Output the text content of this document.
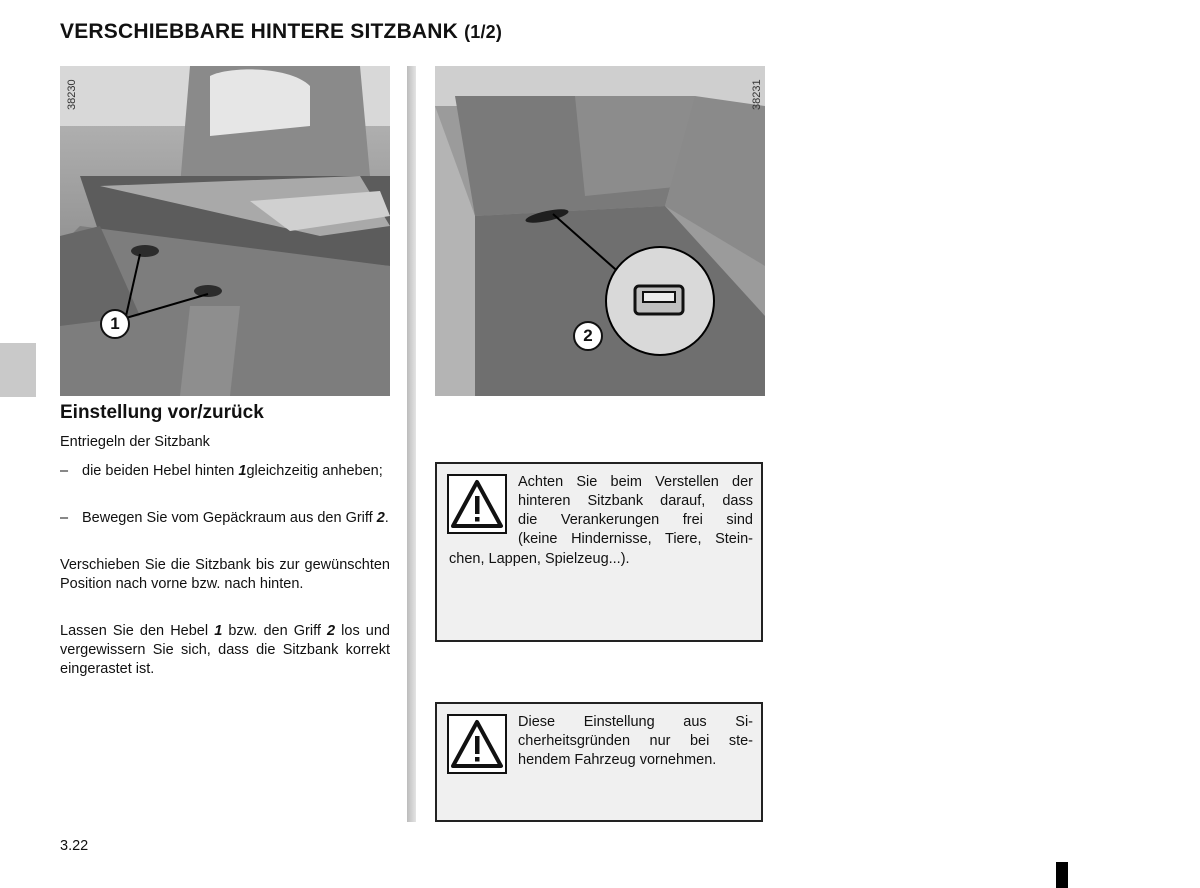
VERSCHIEBBARE HINTERE SITZBANK (1/2)
1
38230
2
38231
Einstellung vor/zurück
Entriegeln der Sitzbank
– die beiden Hebel hinten 1gleichzeitig anheben;
– Bewegen Sie vom Gepäckraum aus den Griff 2.
Verschieben Sie die Sitzbank bis zur gewünschten Position nach vorne bzw. nach hinten.
Lassen Sie den Hebel 1 bzw. den Griff 2 los und vergewissern Sie sich, dass die Sitzbank korrekt eingerastet ist.
Achten Sie beim Verstellen der
hinteren Sitzbank darauf, dass
die Verankerungen frei sind
(keine Hindernisse, Tiere, Stein-
chen, Lappen, Spielzeug...).
Diese Einstellung aus Si-
cherheitsgründen nur bei ste-
hendem Fahrzeug vornehmen.
3.22
